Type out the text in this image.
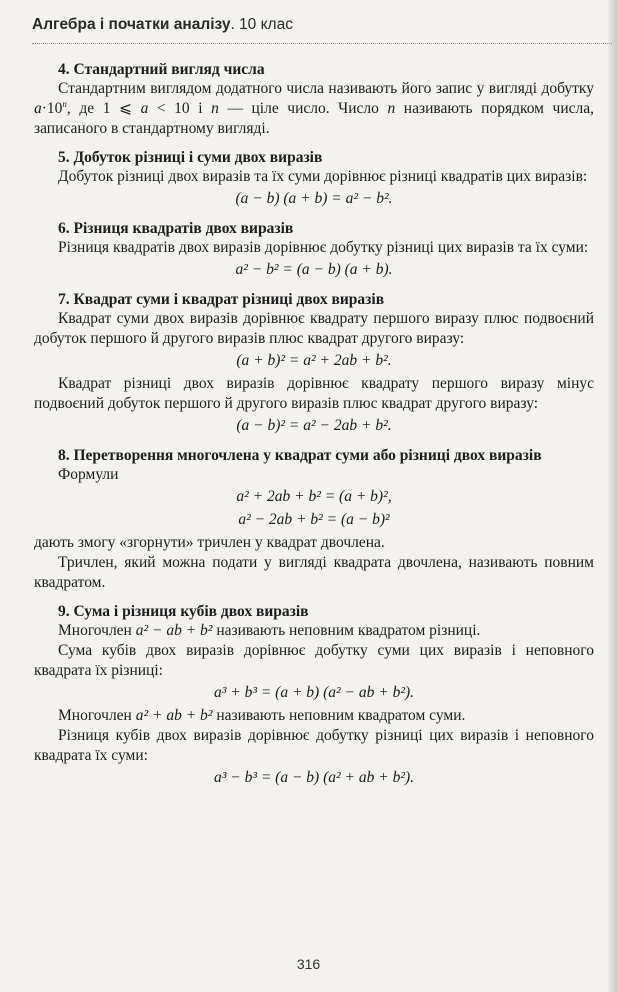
Алгебра і початки аналізу. 10 клас
4. Стандартний вигляд числа

Стандартним виглядом додатного числа називають його запис у вигляді добутку $a\cdot 10^n$, де 1 ⩽ a < 10 і n — ціле число. Число n називають порядком числа, записаного в стандартному вигляді.

5. Добуток різниці і суми двох виразів

Добуток різниці двох виразів та їх суми дорівнює різниці квадратів цих виразів:

(a − b) (a + b) = a² − b².
6. Різниця квадратів двох виразів

Різниця квадратів двох виразів дорівнює добутку різниці цих виразів та їх суми:

a² − b² = (a − b) (a + b).
7. Квадрат суми і квадрат різниці двох виразів

Квадрат суми двох виразів дорівнює квадрату першого виразу плюс подвоєний добуток першого й другого виразів плюс квадрат другого виразу:

(a + b)² = a² + 2ab + b².

Квадрат різниці двох виразів дорівнює квадрату першого виразу мінус подвоєний добуток першого й другого виразів плюс квадрат другого виразу:

(a − b)² = a² − 2ab + b².
8. Перетворення многочлена у квадрат суми або різниці двох виразів

Формули

a² + 2ab + b² = (a + b)²,
a² − 2ab + b² = (a − b)²

дають змогу «згорнути» тричлен у квадрат двочлена.

Тричлен, який можна подати у вигляді квадрата двочлена, називають повним квадратом.

9. Сума і різниця кубів двох виразів

Многочлен a² − ab + b² називають неповним квадратом різниці.

Сума кубів двох виразів дорівнює добутку суми цих виразів і неповного квадрата їх різниці:

a³ + b³ = (a + b) (a² − ab + b²).

Многочлен a² + ab + b² називають неповним квадратом суми.

Різниця кубів двох виразів дорівнює добутку різниці цих виразів і неповного квадрата їх суми:

a³ − b³ = (a − b) (a² + ab + b²).
316
